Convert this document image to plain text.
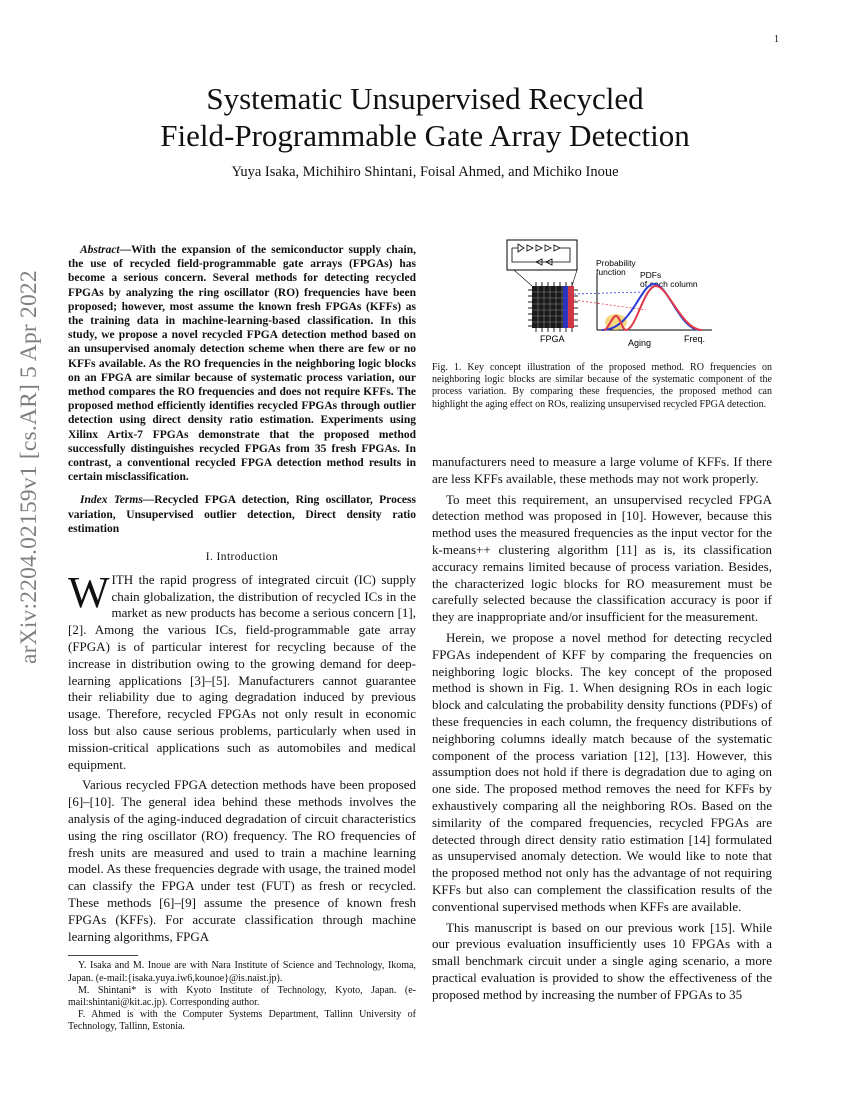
1
arXiv:2204.02159v1 [cs.AR] 5 Apr 2022
Systematic Unsupervised Recycled
Field-Programmable Gate Array Detection
Yuya Isaka, Michihiro Shintani, Foisal Ahmed, and Michiko Inoue

Abstract—With the expansion of the semiconductor supply chain, the use of recycled field-programmable gate arrays (FPGAs) has become a serious concern. Several methods for detecting recycled FPGAs by analyzing the ring oscillator (RO) frequencies have been proposed; however, most assume the known fresh FPGAs (KFFs) as the training data in machine-learning-based classification. In this study, we propose a novel recycled FPGA detection method based on an unsupervised anomaly detection scheme when there are few or no KFFs available. As the RO frequencies in the neighboring logic blocks on an FPGA are similar because of systematic process variation, our method compares the RO frequencies and does not require KFFs. The proposed method efficiently identifies recycled FPGAs through outlier detection using direct density ratio estimation. Experiments using Xilinx Artix-7 FPGAs demonstrate that the proposed method successfully distinguishes recycled FPGAs from 35 fresh FPGAs. In contrast, a conventional recycled FPGA detection method results in certain misclassification.

Index Terms—Recycled FPGA detection, Ring oscillator, Process variation, Unsupervised outlier detection, Direct density ratio estimation

I. Introduction

WITH the rapid progress of integrated circuit (IC) supply chain globalization, the distribution of recycled ICs in the market as new products has become a serious concern [1], [2]. Among the various ICs, field-programmable gate array (FPGA) is of particular interest for recycling because of the increase in distribution owing to the growing demand for deep-learning applications [3]–[5]. Manufacturers cannot guarantee their reliability due to aging degradation induced by previous usage. Therefore, recycled FPGAs not only result in economic loss but also cause serious problems, particularly when used in mission-critical applications such as automobiles and medical equipment.

Various recycled FPGA detection methods have been proposed [6]–[10]. The general idea behind these methods involves the analysis of the aging-induced degradation of circuit characteristics using the ring oscillator (RO) frequency. The RO frequencies of fresh units are measured and used to train a machine learning model. As these frequencies degrade with usage, the trained model can classify the FPGA under test (FUT) as fresh or recycled. These methods [6]–[9] assume the presence of known fresh FPGAs (KFFs). For accurate classification through machine learning algorithms, FPGA

Y. Isaka and M. Inoue are with Nara Institute of Science and Technology, Ikoma, Japan. (e-mail:{isaka.yuya.iw6,kounoe}@is.naist.jp).

M. Shintani* is with Kyoto Institute of Technology, Kyoto, Japan. (e-mail:shintani@kit.ac.jp). Corresponding author.

F. Ahmed is with the Computer Systems Department, Tallinn University of Technology, Tallinn, Estonia.

FPGA
Probability
function PDFs
of each column
Aging	Freq.
Fig. 1. Key concept illustration of the proposed method. RO frequencies on neighboring logic blocks are similar because of the systematic component of the process variation. By comparing these frequencies, the proposed method can highlight the aging effect on ROs, realizing unsupervised recycled FPGA detection.

manufacturers need to measure a large volume of KFFs. If there are less KFFs available, these methods may not work properly.

To meet this requirement, an unsupervised recycled FPGA detection method was proposed in [10]. However, because this method uses the measured frequencies as the input vector for the k-means++ clustering algorithm [11] as is, its classification accuracy remains limited because of process variation. Besides, the characterized logic blocks for RO measurement must be carefully selected because the classification accuracy is poor if they are inappropriate and/or insufficient for the measurement.

Herein, we propose a novel method for detecting recycled FPGAs independent of KFF by comparing the frequencies on neighboring logic blocks. The key concept of the proposed method is shown in Fig. 1. When designing ROs in each logic block and calculating the probability density functions (PDFs) of these frequencies in each column, the frequency distributions of neighboring columns ideally match because of the systematic component of the process variation [12], [13]. However, this assumption does not hold if there is degradation due to aging on one side. The proposed method removes the need for KFFs by exhaustively comparing all the neighboring ROs. Based on the similarity of the compared frequencies, recycled FPGAs are detected through direct density ratio estimation [14] formulated as unsupervised anomaly detection. We would like to note that the proposed method not only has the advantage of not requiring KFFs but also can complement the classification results of the conventional supervised methods when KFFs are available.

This manuscript is based on our previous work [15]. While our previous evaluation insufficiently uses 10 FPGAs with a small benchmark circuit under a single aging scenario, a more practical evaluation is provided to show the effectiveness of the proposed method by increasing the number of FPGAs to 35
